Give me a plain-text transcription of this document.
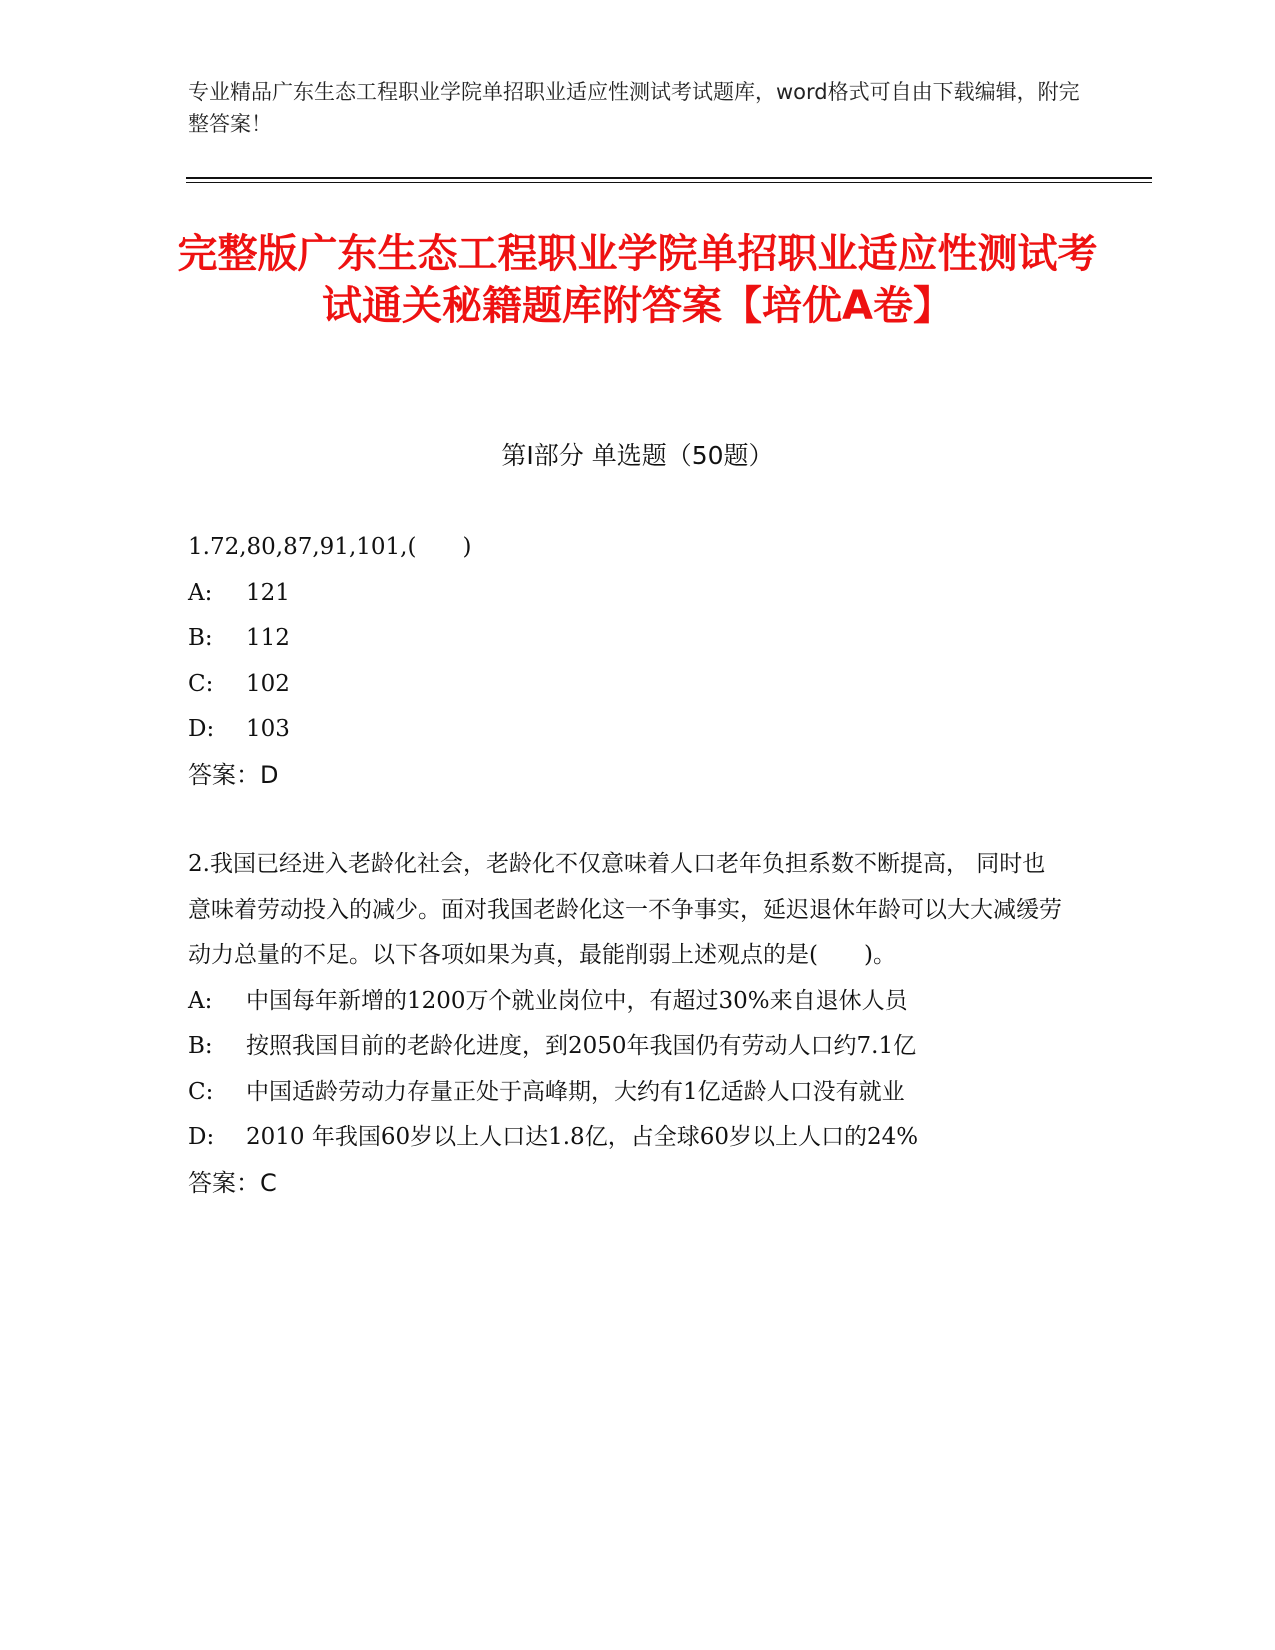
专业精品广东生态工程职业学院单招职业适应性测试考试题库，word格式可自由下载编辑，附完整答案！
完整版广东生态工程职业学院单招职业适应性测试考试通关秘籍题库附答案【培优A卷】
第Ⅰ部分 单选题（50题）
1.72,80,87,91,101,(　　)
A: 121
B: 112
C: 102
D: 103
答案：D
2.我国已经进入老龄化社会，老龄化不仅意味着人口老年负担系数不断提高， 同时也意味着劳动投入的减少。面对我国老龄化这一不争事实，延迟退休年龄可以大大减缓劳动力总量的不足。以下各项如果为真，最能削弱上述观点的是(　　)。
A: 中国每年新增的1200万个就业岗位中，有超过30%来自退休人员
B: 按照我国目前的老龄化进度，到2050年我国仍有劳动人口约7.1亿
C: 中国适龄劳动力存量正处于高峰期，大约有1亿适龄人口没有就业
D: 2010 年我国60岁以上人口达1.8亿，占全球60岁以上人口的24%
答案：C
